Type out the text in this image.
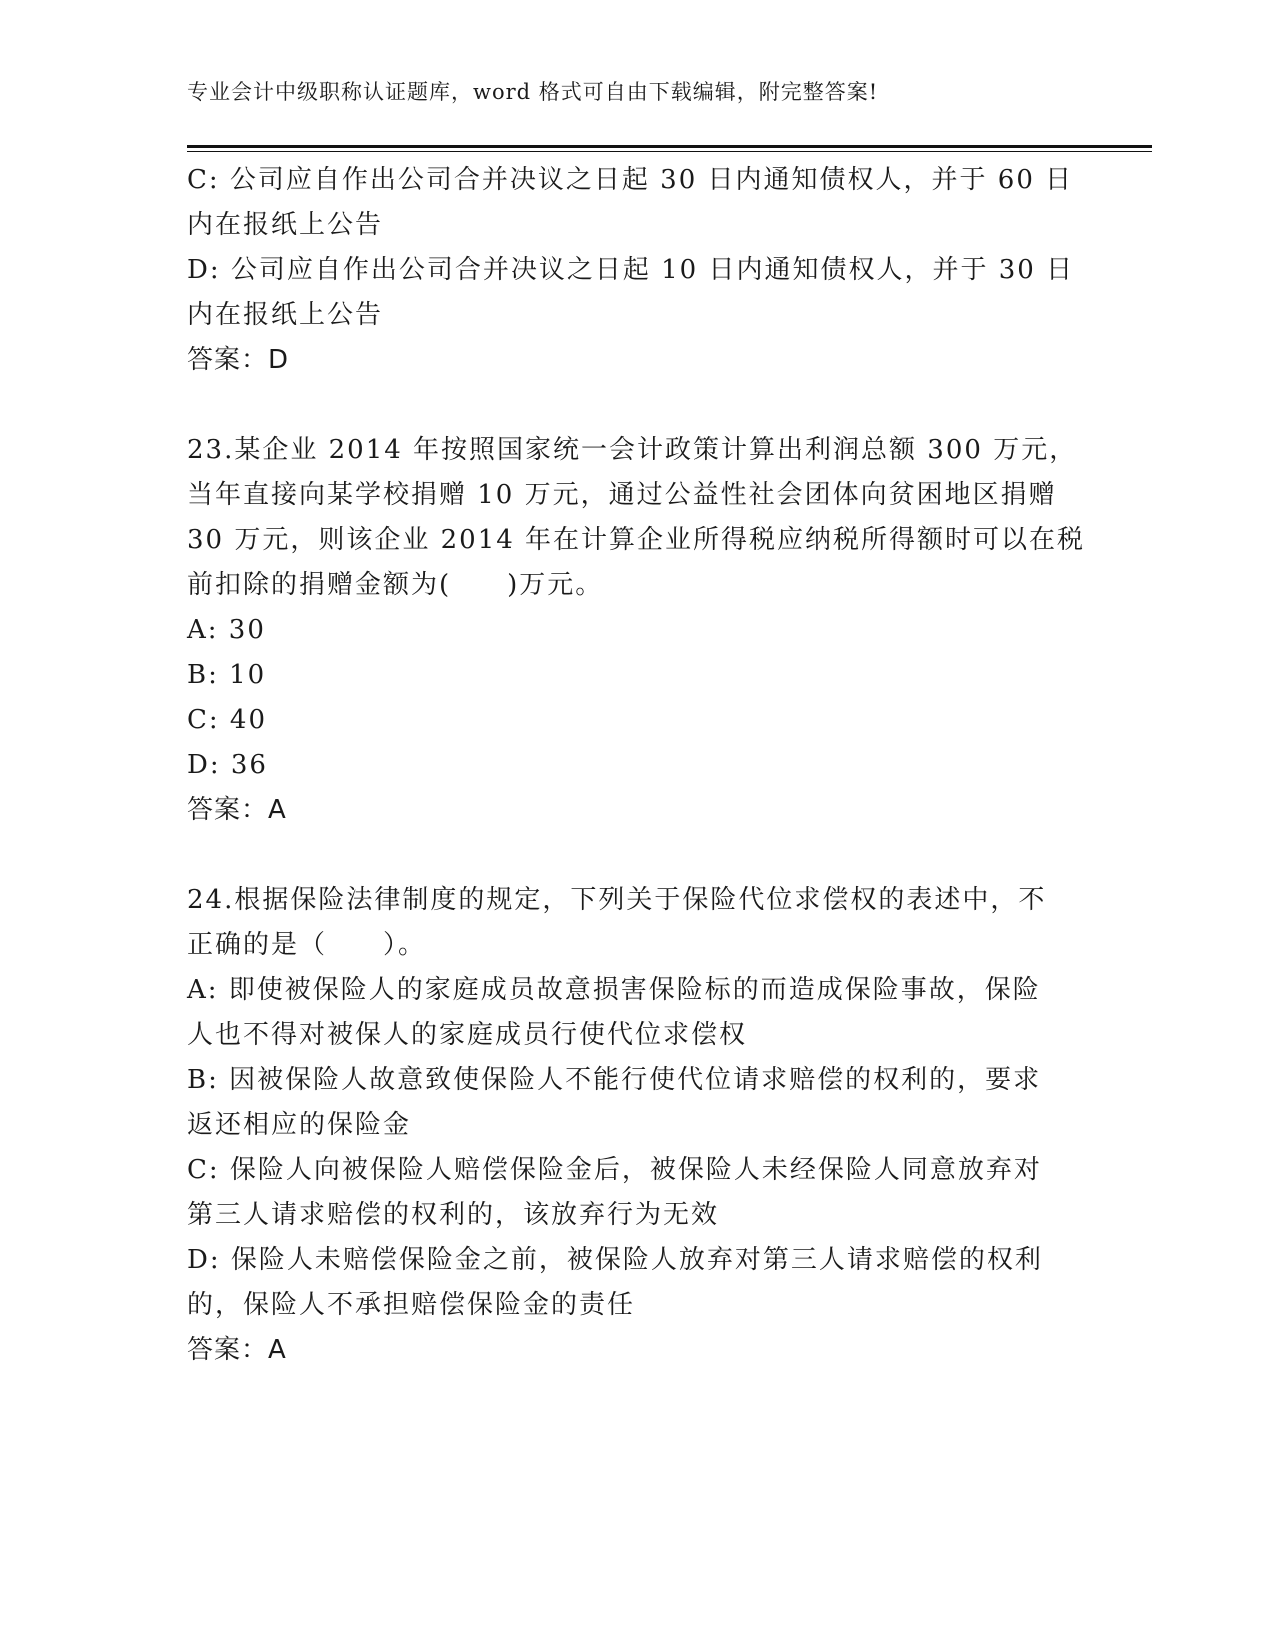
专业会计中级职称认证题库，word 格式可自由下载编辑，附完整答案!
C: 公司应自作出公司合并决议之日起 30 日内通知债权人，并于 60 日
内在报纸上公告
D: 公司应自作出公司合并决议之日起 10 日内通知债权人，并于 30 日
内在报纸上公告
答案：D
23.某企业 2014 年按照国家统一会计政策计算出利润总额 300 万元，
当年直接向某学校捐赠 10 万元，通过公益性社会团体向贫困地区捐赠
30 万元，则该企业 2014 年在计算企业所得税应纳税所得额时可以在税
前扣除的捐赠金额为(　　)万元。
A: 30
B: 10
C: 40
D: 36
答案：A
24.根据保险法律制度的规定，下列关于保险代位求偿权的表述中，不
正确的是（　　）。
A: 即使被保险人的家庭成员故意损害保险标的而造成保险事故，保险
人也不得对被保人的家庭成员行使代位求偿权
B: 因被保险人故意致使保险人不能行使代位请求赔偿的权利的，要求
返还相应的保险金
C: 保险人向被保险人赔偿保险金后，被保险人未经保险人同意放弃对
第三人请求赔偿的权利的，该放弃行为无效
D: 保险人未赔偿保险金之前，被保险人放弃对第三人请求赔偿的权利
的，保险人不承担赔偿保险金的责任
答案：A
